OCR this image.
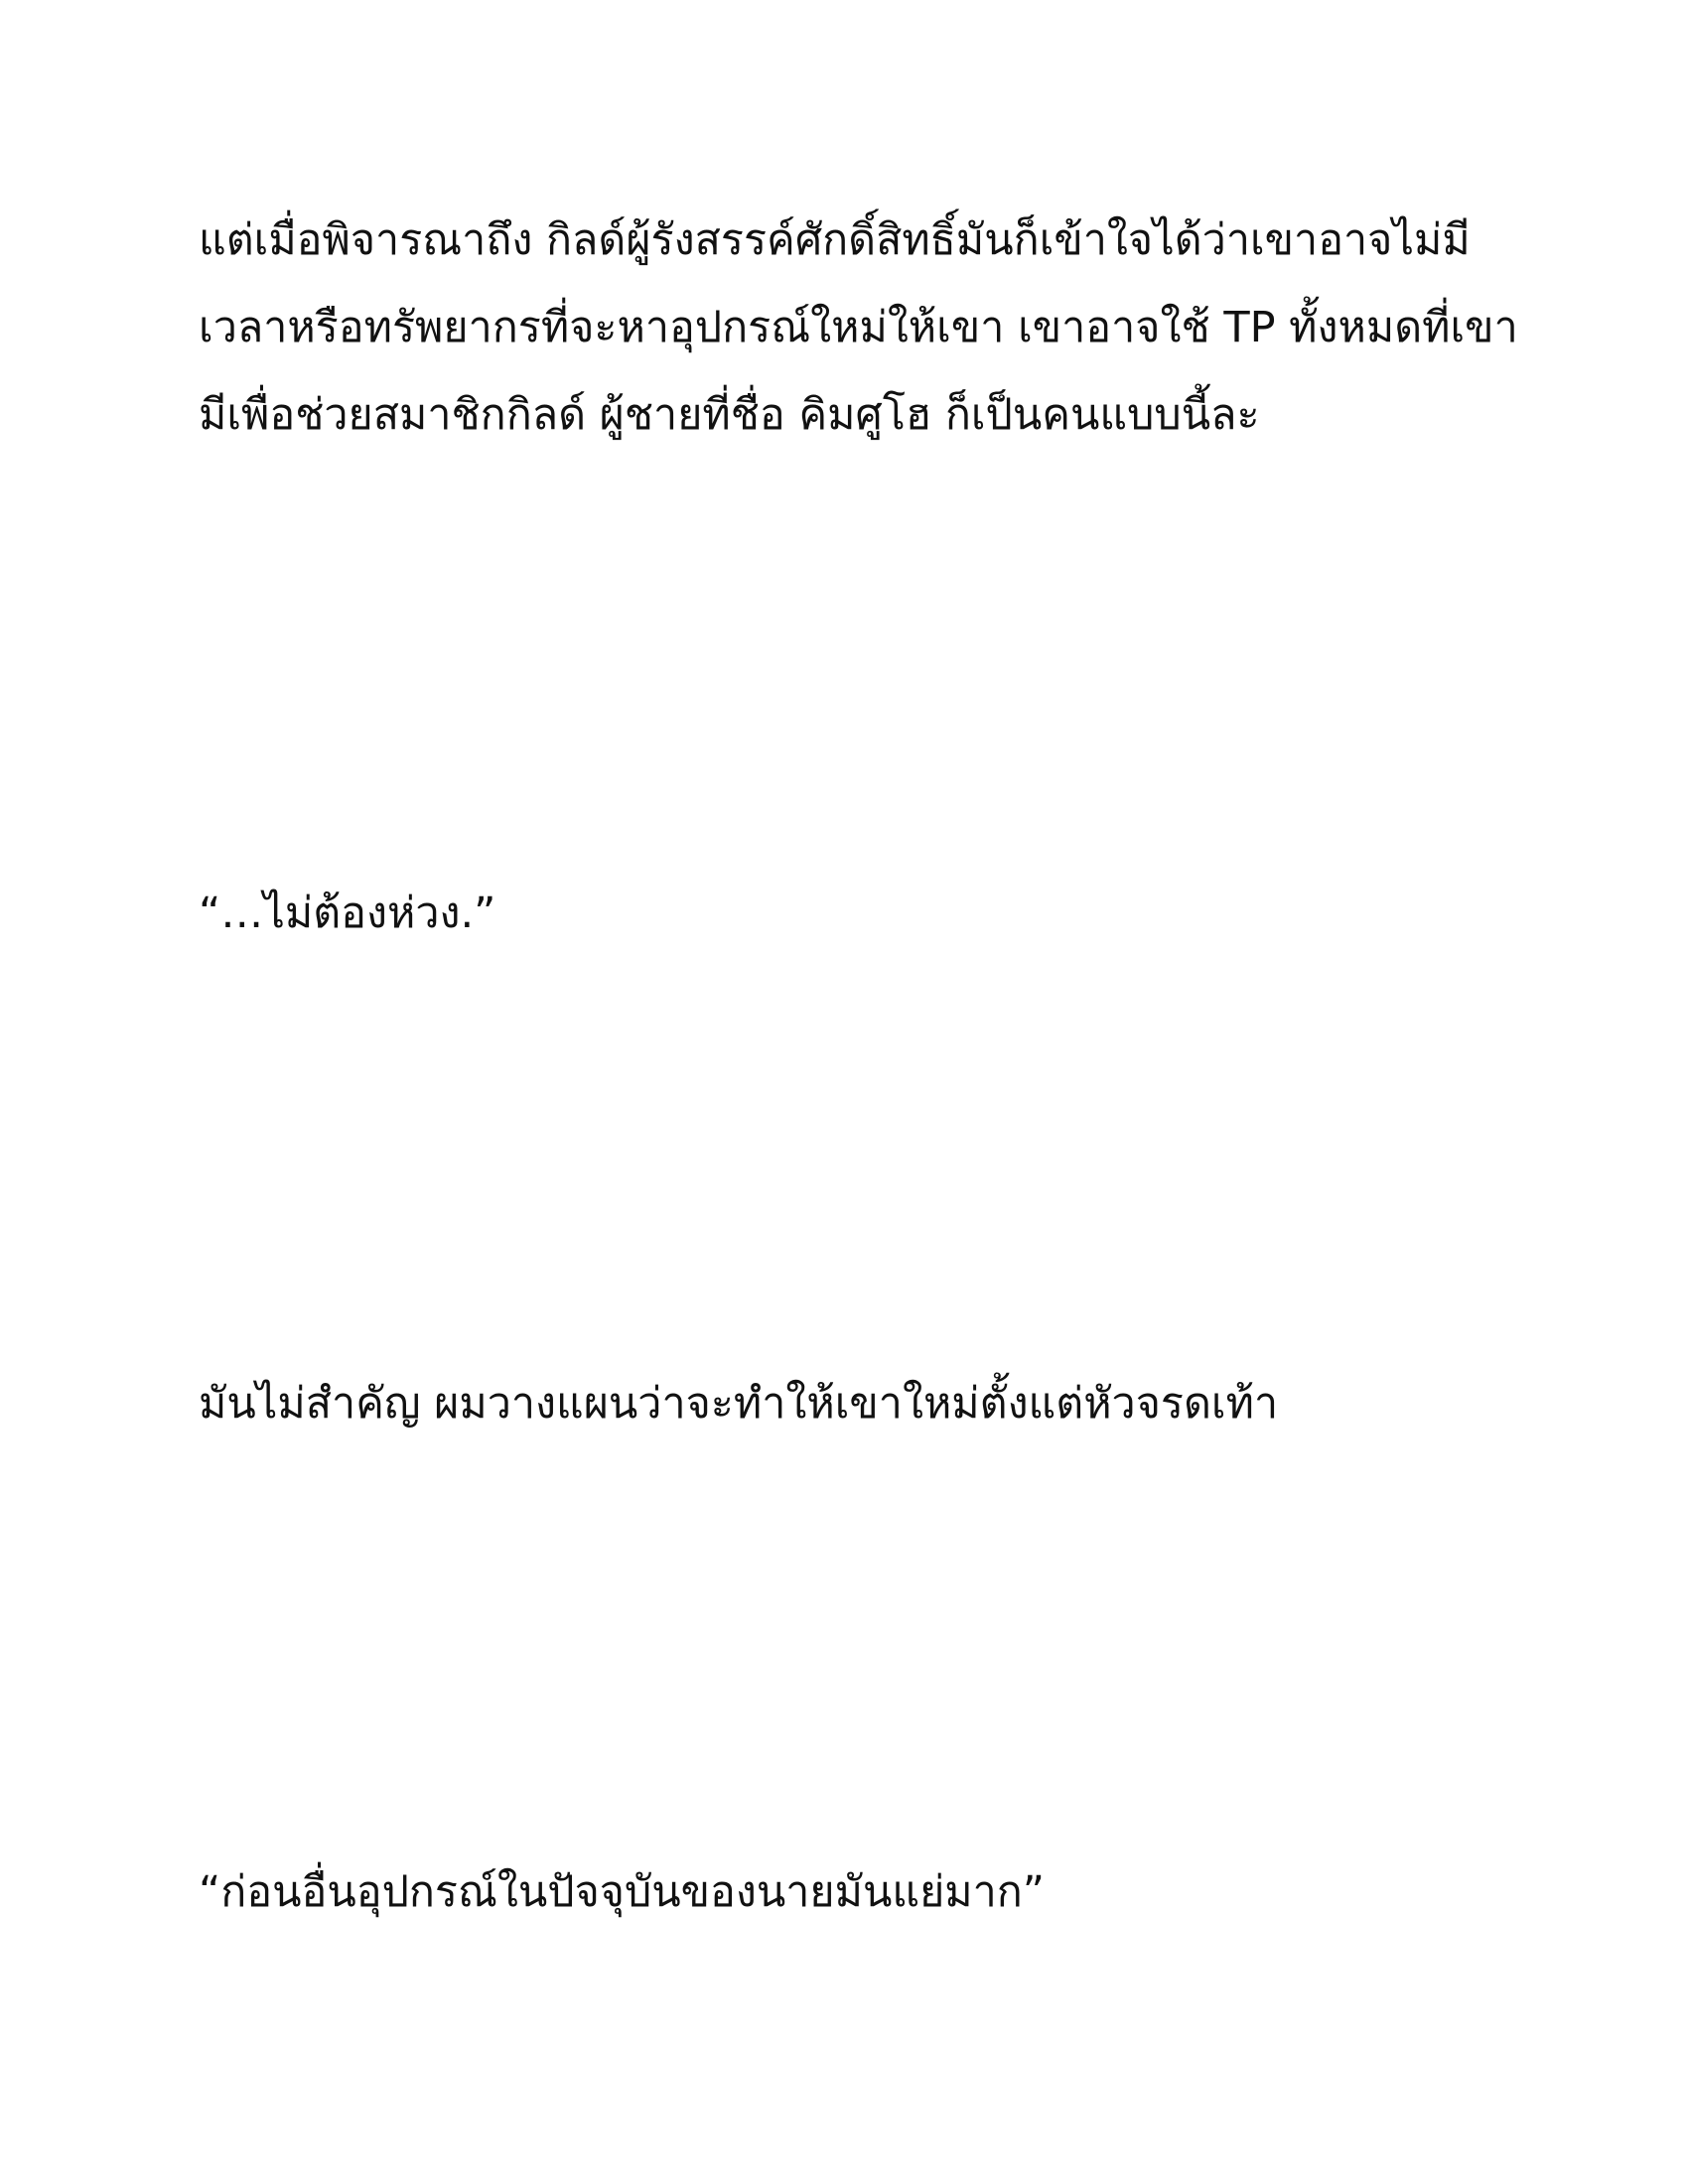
แต่เมื่อพิจารณาถึง กิลด์ผู้รังสรรค์ศักดิ์สิทธิ์มันก็เข้าใจได้ว่าเขาอาจไม่มี
เวลาหรือทรัพยากรที่จะหาอุปกรณ์ใหม่ให้เขา เขาอาจใช้ TP ทั้งหมดที่เขา
มีเพื่อช่วยสมาชิกกิลด์ ผู้ชายที่ชื่อ คิมศูโฮ ก็เป็นคนแบบนี้ละ

“…ไม่ต้องห่วง.”

มันไม่สำคัญ ผมวางแผนว่าจะทำให้เขาใหม่ตั้งแต่หัวจรดเท้า

“ก่อนอื่นอุปกรณ์ในปัจจุบันของนายมันแย่มาก”
